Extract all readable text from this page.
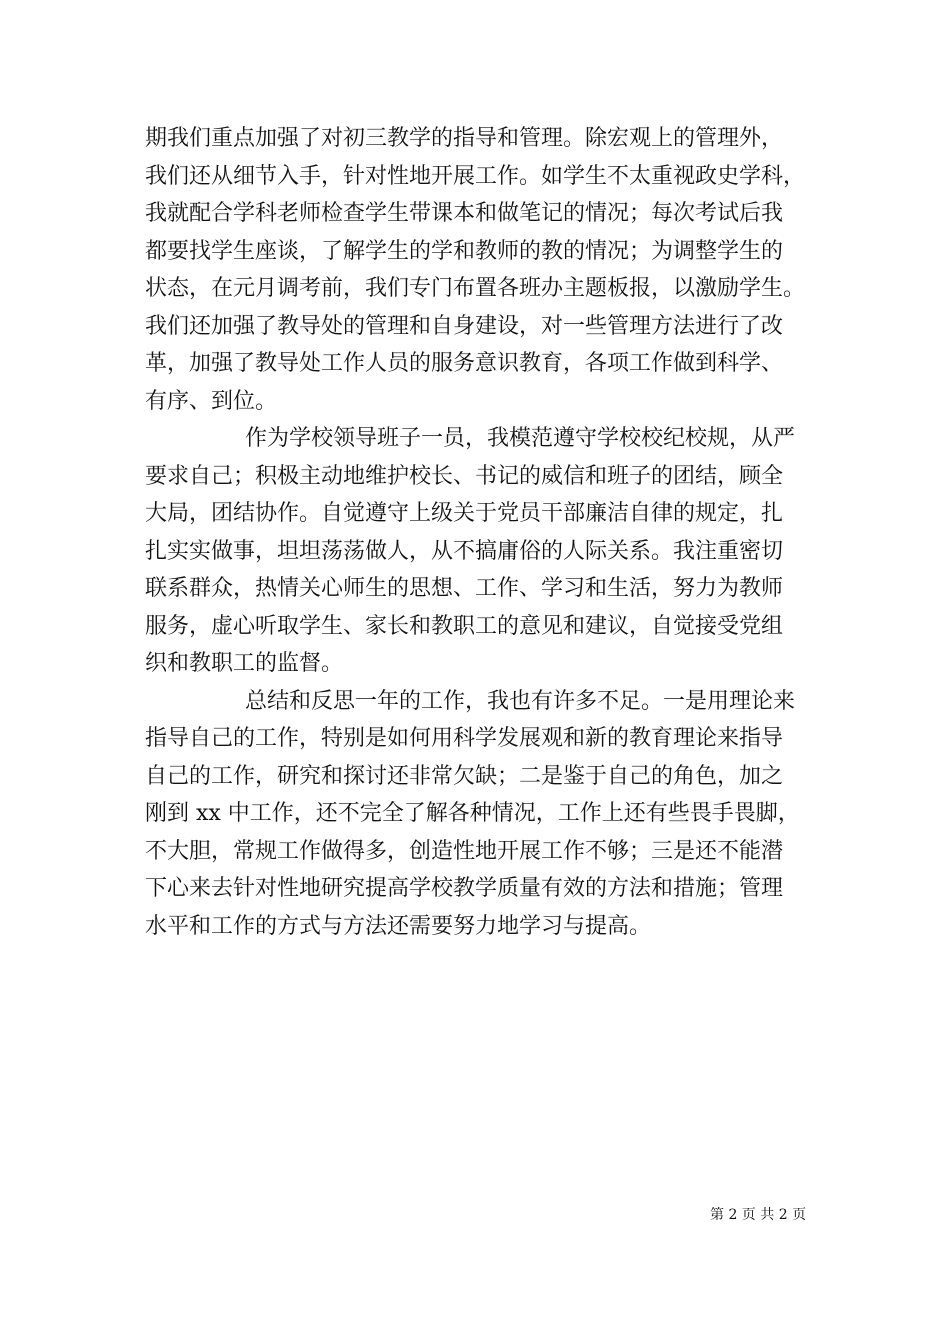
期我们重点加强了对初三教学的指导和管理。除宏观上的管理外，
我们还从细节入手，针对性地开展工作。如学生不太重视政史学科，
我就配合学科老师检查学生带课本和做笔记的情况；每次考试后我
都要找学生座谈，了解学生的学和教师的教的情况；为调整学生的
状态，在元月调考前，我们专门布置各班办主题板报，以激励学生。
我们还加强了教导处的管理和自身建设，对一些管理方法进行了改
革，加强了教导处工作人员的服务意识教育，各项工作做到科学、
有序、到位。
作为学校领导班子一员，我模范遵守学校校纪校规，从严
要求自己；积极主动地维护校长、书记的威信和班子的团结，顾全
大局，团结协作。自觉遵守上级关于党员干部廉洁自律的规定，扎
扎实实做事，坦坦荡荡做人，从不搞庸俗的人际关系。我注重密切
联系群众，热情关心师生的思想、工作、学习和生活，努力为教师
服务，虚心听取学生、家长和教职工的意见和建议，自觉接受党组
织和教职工的监督。
总结和反思一年的工作，我也有许多不足。一是用理论来
指导自己的工作，特别是如何用科学发展观和新的教育理论来指导
自己的工作，研究和探讨还非常欠缺；二是鉴于自己的角色，加之
刚到 xx 中工作，还不完全了解各种情况，工作上还有些畏手畏脚，
不大胆，常规工作做得多，创造性地开展工作不够；三是还不能潜
下心来去针对性地研究提高学校教学质量有效的方法和措施；管理
水平和工作的方式与方法还需要努力地学习与提高。
第 2 页 共 2 页
